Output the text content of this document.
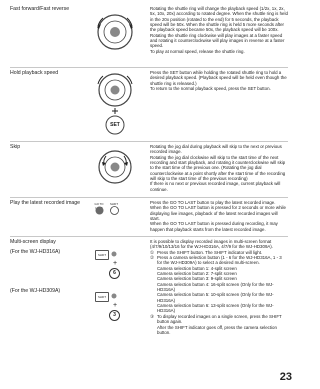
Fast forward/Fast reverse	Rotating the shuttle ring will change the playback speed (1/2x, 1x, 2x, 5x, 10x, 20x) according to rotated degree. When the shuttle ring is held in the 20x position (rotated to the end) for 5 seconds, the playback speed will be 50x. When the shuttle ring is held 5 more seconds after the playback speed became 50x, the playback speed will be 100x.
Rotating the shuttle ring clockwise will play images at a faster speed and rotating it counterclockwise will play images in reverse at a faster speed.
To play at normal speed, release the shuttle ring.
Hold playback speed
SET
Press the SET button while holding the rotated shuttle ring to hold a desired playback speed. (Playback speed will be held even though the shuttle ring is released.)
To return to the normal playback speed, press the SET button.
Skip	Rotating the jog dial during playback will skip to the next or previous recorded image.
Rotating the jog dial clockwise will skip to the start time of the next recording and start playback, and rotating it counterclockwise will skip to the start time of the previous one. (Rotating the jog dial counterclockwise at a point shortly after the start time of the recording will skip to the start time of the previous recording)
If there is no next or previous recorded image, current playback will continue.
Play the latest recorded image	GO TO	SHIFT	Press the GO TO LAST button to play the latest recorded image.
When the GO TO LAST button is pressed for 2 seconds or more while displaying live images, playback of the latest recorded images will start.
When the GO TO LAST button is pressed during recording, it may happen that playback starts from the latest recorded image.
Multi-screen display
(For the WJ-HD316A)
(For the WJ-HD309A)
SHIFT
+
6
SHIFT
+
3
It is possible to display recorded images in multi-screen format (4/7/9/10/13/16 for the WJ-HD316A, 4/7/9 for the WJ-HD309A).
① Press the SHIFT button. The SHIFT indicator will light.
② Press a camera selection button (1 - 6 for the WJ-HD316A, 1 - 3 for the WJ-HD309A) to select a desired multi-screen.
Camera selection button 1: 4-split screen
Camera selection button 2: 7-split screen
Camera selection button 3: 9-split screen
Camera selection button 4: 16-split screen (Only for the WJ-HD316A)
Camera selection button 5: 10-split screen (Only for the WJ-HD316A)
Camera selection button 6: 13-split screen (Only for the WJ-HD316A)
③ To display recorded images on a single screen, press the SHIFT button again.
After the SHIFT indicator goes off, press the camera selection button.
23
